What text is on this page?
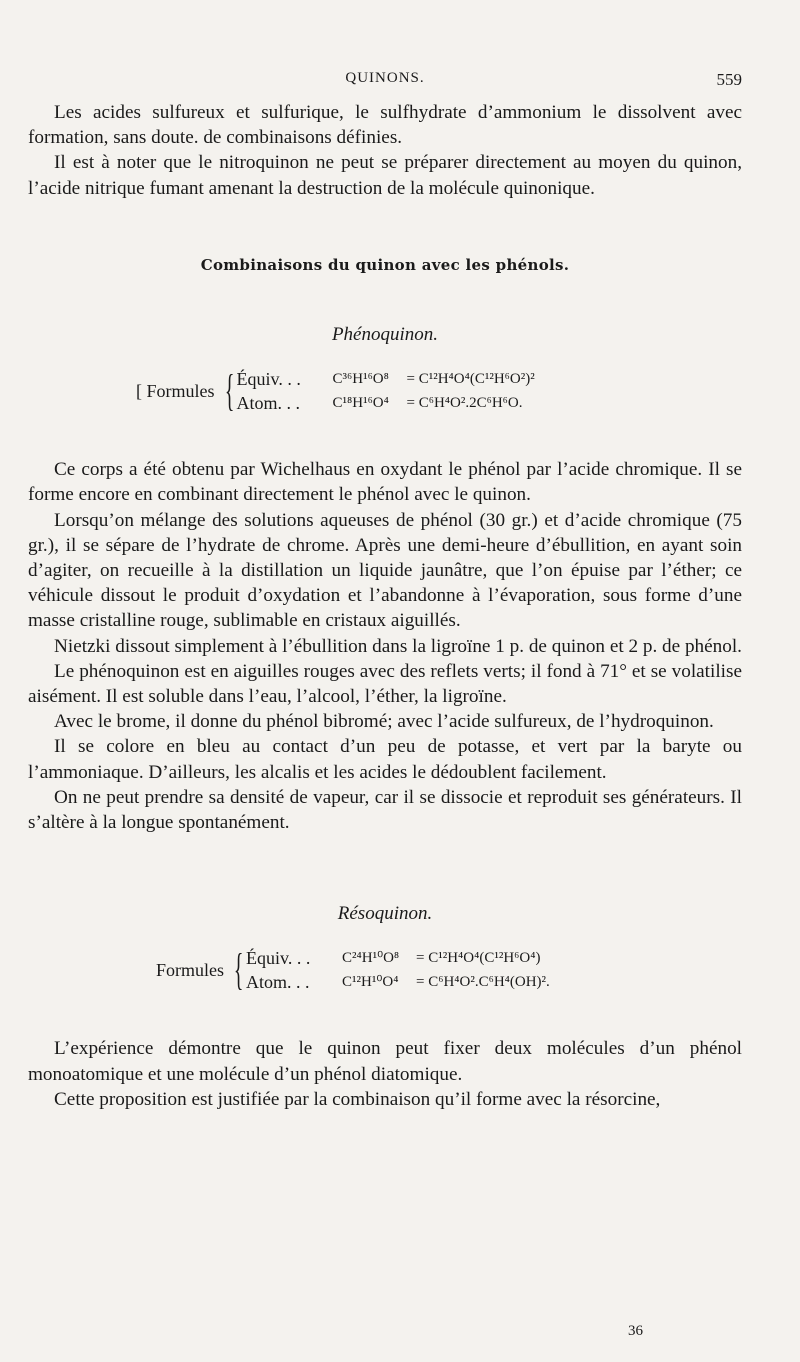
QUINONS.	559

Les acides sulfureux et sulfurique, le sulfhydrate d’ammonium le dissolvent avec formation, sans doute. de combinaisons définies.

Il est à noter que le nitroquinon ne peut se préparer directement au moyen du quinon, l’acide nitrique fumant amenant la destruction de la molécule quinonique.

Combinaisons du quinon avec les phénols.
Phénoquinon.
[ Formules { Équiv. . .	C³⁶H¹⁶O⁸	= C¹²H⁴O⁴(C¹²H⁶O²)²
Atom. . .	C¹⁸H¹⁶O⁴	= C⁶H⁴O².2C⁶H⁶O.

Ce corps a été obtenu par Wichelhaus en oxydant le phénol par l’acide chromique. Il se forme encore en combinant directement le phénol avec le quinon.

Lorsqu’on mélange des solutions aqueuses de phénol (30 gr.) et d’acide chromique (75 gr.), il se sépare de l’hydrate de chrome. Après une demi-heure d’ébullition, en ayant soin d’agiter, on recueille à la distillation un liquide jaunâtre, que l’on épuise par l’éther; ce véhicule dissout le produit d’oxydation et l’abandonne à l’évaporation, sous forme d’une masse cristalline rouge, sublimable en cristaux aiguillés.

Nietzki dissout simplement à l’ébullition dans la ligroïne 1 p. de quinon et 2 p. de phénol.

Le phénoquinon est en aiguilles rouges avec des reflets verts; il fond à 71° et se volatilise aisément. Il est soluble dans l’eau, l’alcool, l’éther, la ligroïne.

Avec le brome, il donne du phénol bibromé; avec l’acide sulfureux, de l’hydroquinon.

Il se colore en bleu au contact d’un peu de potasse, et vert par la baryte ou l’ammoniaque. D’ailleurs, les alcalis et les acides le dédoublent facilement.

On ne peut prendre sa densité de vapeur, car il se dissocie et reproduit ses générateurs. Il s’altère à la longue spontanément.

Résoquinon.
Formules { Équiv. . .	C²⁴H¹⁰O⁸	= C¹²H⁴O⁴(C¹²H⁶O⁴)
Atom. . .	C¹²H¹⁰O⁴	= C⁶H⁴O².C⁶H⁴(OH)².

L’expérience démontre que le quinon peut fixer deux molécules d’un phénol monoatomique et une molécule d’un phénol diatomique.

Cette proposition est justifiée par la combinaison qu’il forme avec la résorcine,

36
